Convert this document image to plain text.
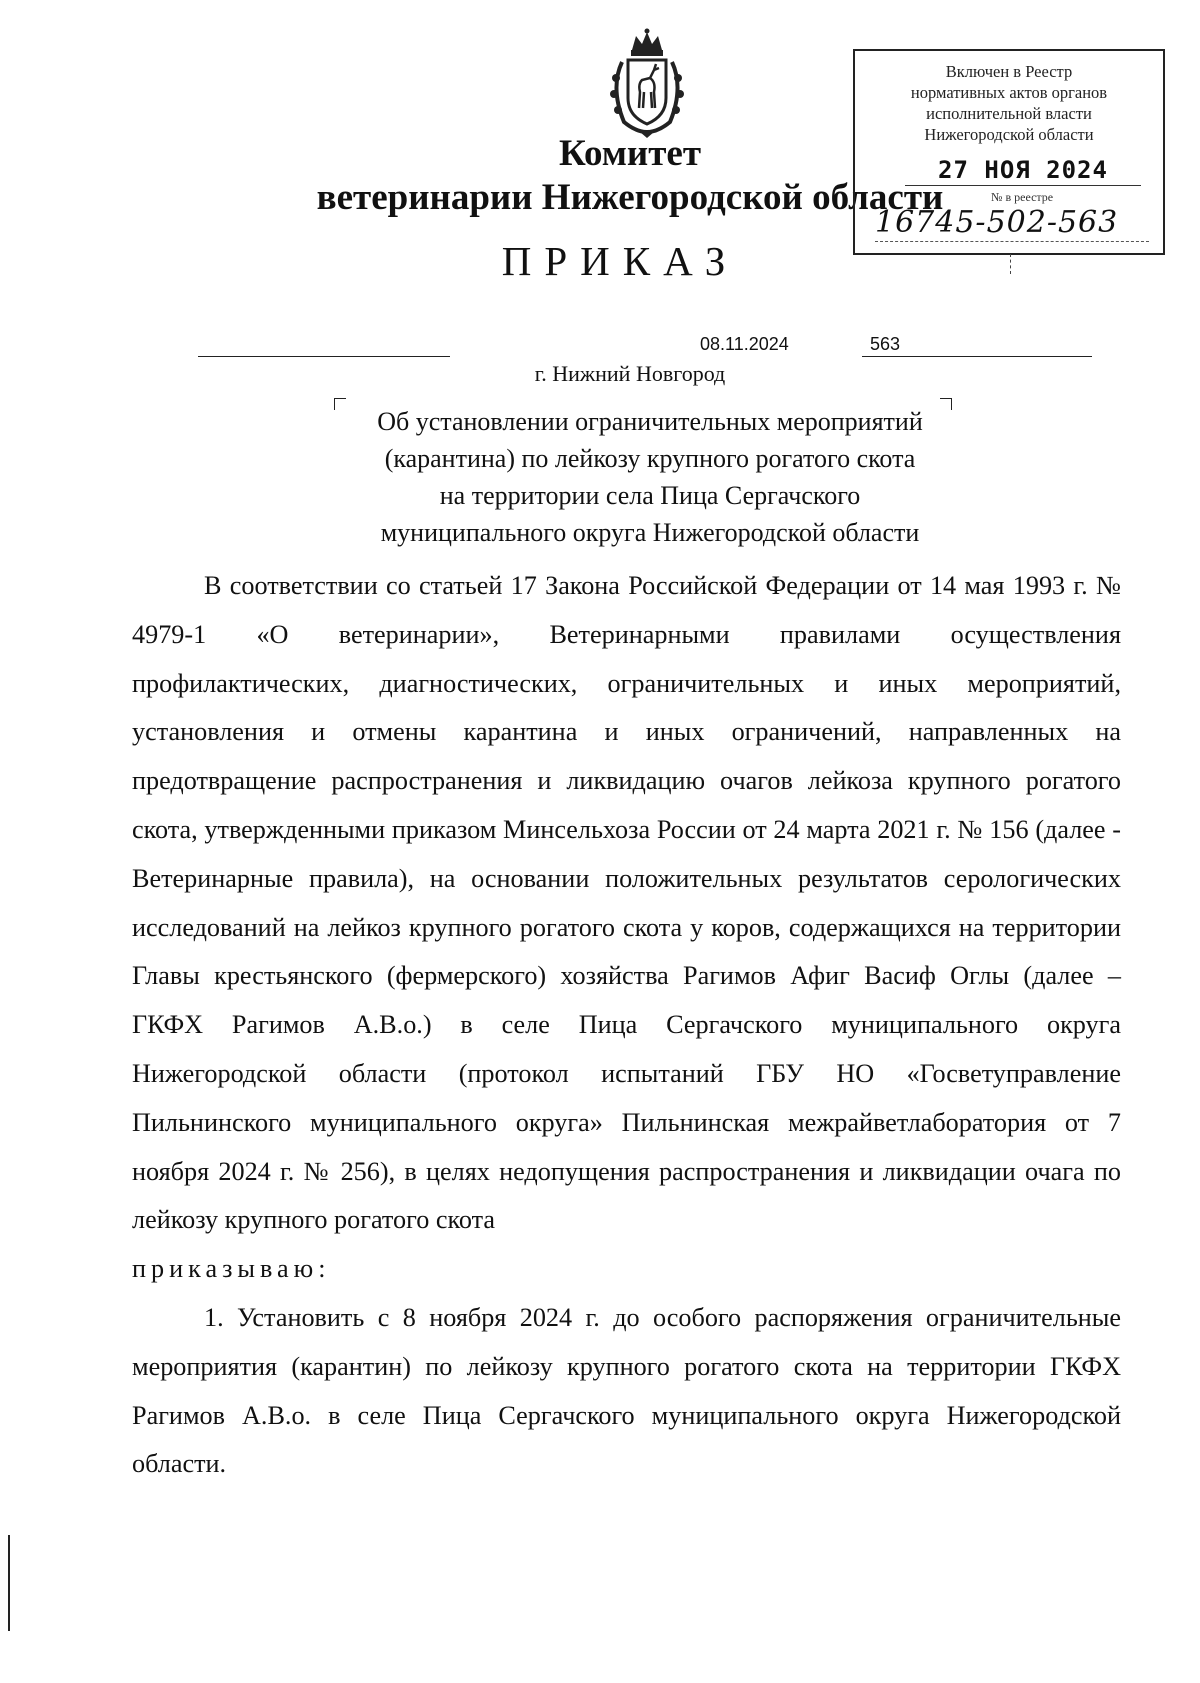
Комитет
ветеринарии Нижегородской области
ПРИКАЗ
Включен в Реестр
нормативных актов органов
исполнительной власти
Нижегородской области
27 НОЯ 2024
№ в реестре
16745-502-563
08.11.2024	563
г. Нижний Новгород
Об установлении ограничительных мероприятий
(карантина) по лейкозу крупного рогатого скота
на территории села Пица Сергачского
муниципального округа Нижегородской области

В соответствии со статьей 17 Закона Российской Федерации от 14 мая 1993 г. № 4979-1 «О ветеринарии», Ветеринарными правилами осуществления профилактических, диагностических, ограничительных и иных мероприятий, установления и отмены карантина и иных ограничений, направленных на предотвращение распространения и ликвидацию очагов лейкоза крупного рогатого скота, утвержденными приказом Минсельхоза России от 24 марта 2021 г. № 156 (далее - Ветеринарные правила), на основании положительных результатов серологических исследований на лейкоз крупного рогатого скота у коров, содержащихся на территории Главы крестьянского (фермерского) хозяйства Рагимов Афиг Васиф Оглы (далее – ГКФХ Рагимов А.В.о.) в селе Пица Сергачского муниципального округа Нижегородской области (протокол испытаний ГБУ НО «Госветуправление Пильнинского муниципального округа» Пильнинская межрайветлаборатория от 7 ноября 2024 г. № 256), в целях недопущения распространения и ликвидации очага по лейкозу крупного рогатого скота

приказываю:

1. Установить с 8 ноября 2024 г. до особого распоряжения ограничительные мероприятия (карантин) по лейкозу крупного рогатого скота на территории ГКФХ Рагимов А.В.о. в селе Пица Сергачского муниципального округа Нижегородской области.
